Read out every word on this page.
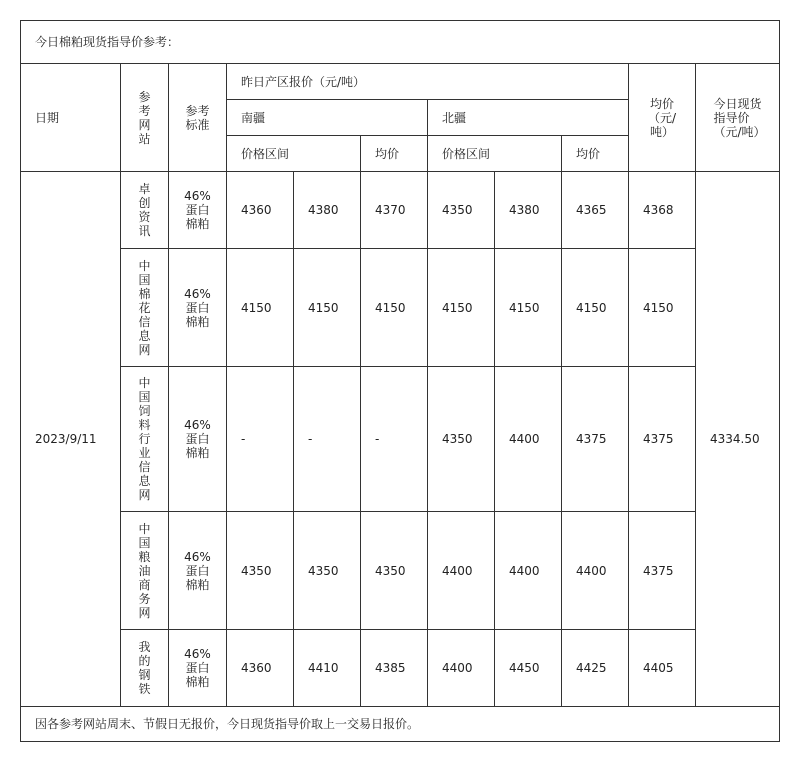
今日棉粕现货指导价参考：										
日期	参考网站	参考标准	昨日产区报价（元/吨）						均价（元/吨）	今日现货指导价（元/吨）
			南疆			北疆				
			价格区间		均价	价格区间		均价		
2023/9/11	卓创资讯	46%蛋白棉粕	4360	4380	4370	4350	4380	4365	4368	4334.50
	中国棉花信息网	46%蛋白棉粕	4150	4150	4150	4150	4150	4150	4150	
	中国饲料行业信息网	46%蛋白棉粕	-	-	-	4350	4400	4375	4375	
	中国粮油商务网	46%蛋白棉粕	4350	4350	4350	4400	4400	4400	4375	
	我的钢铁	46%蛋白棉粕	4360	4410	4385	4400	4450	4425	4405	
因各参考网站周末、节假日无报价，今日现货指导价取上一交易日报价。										
